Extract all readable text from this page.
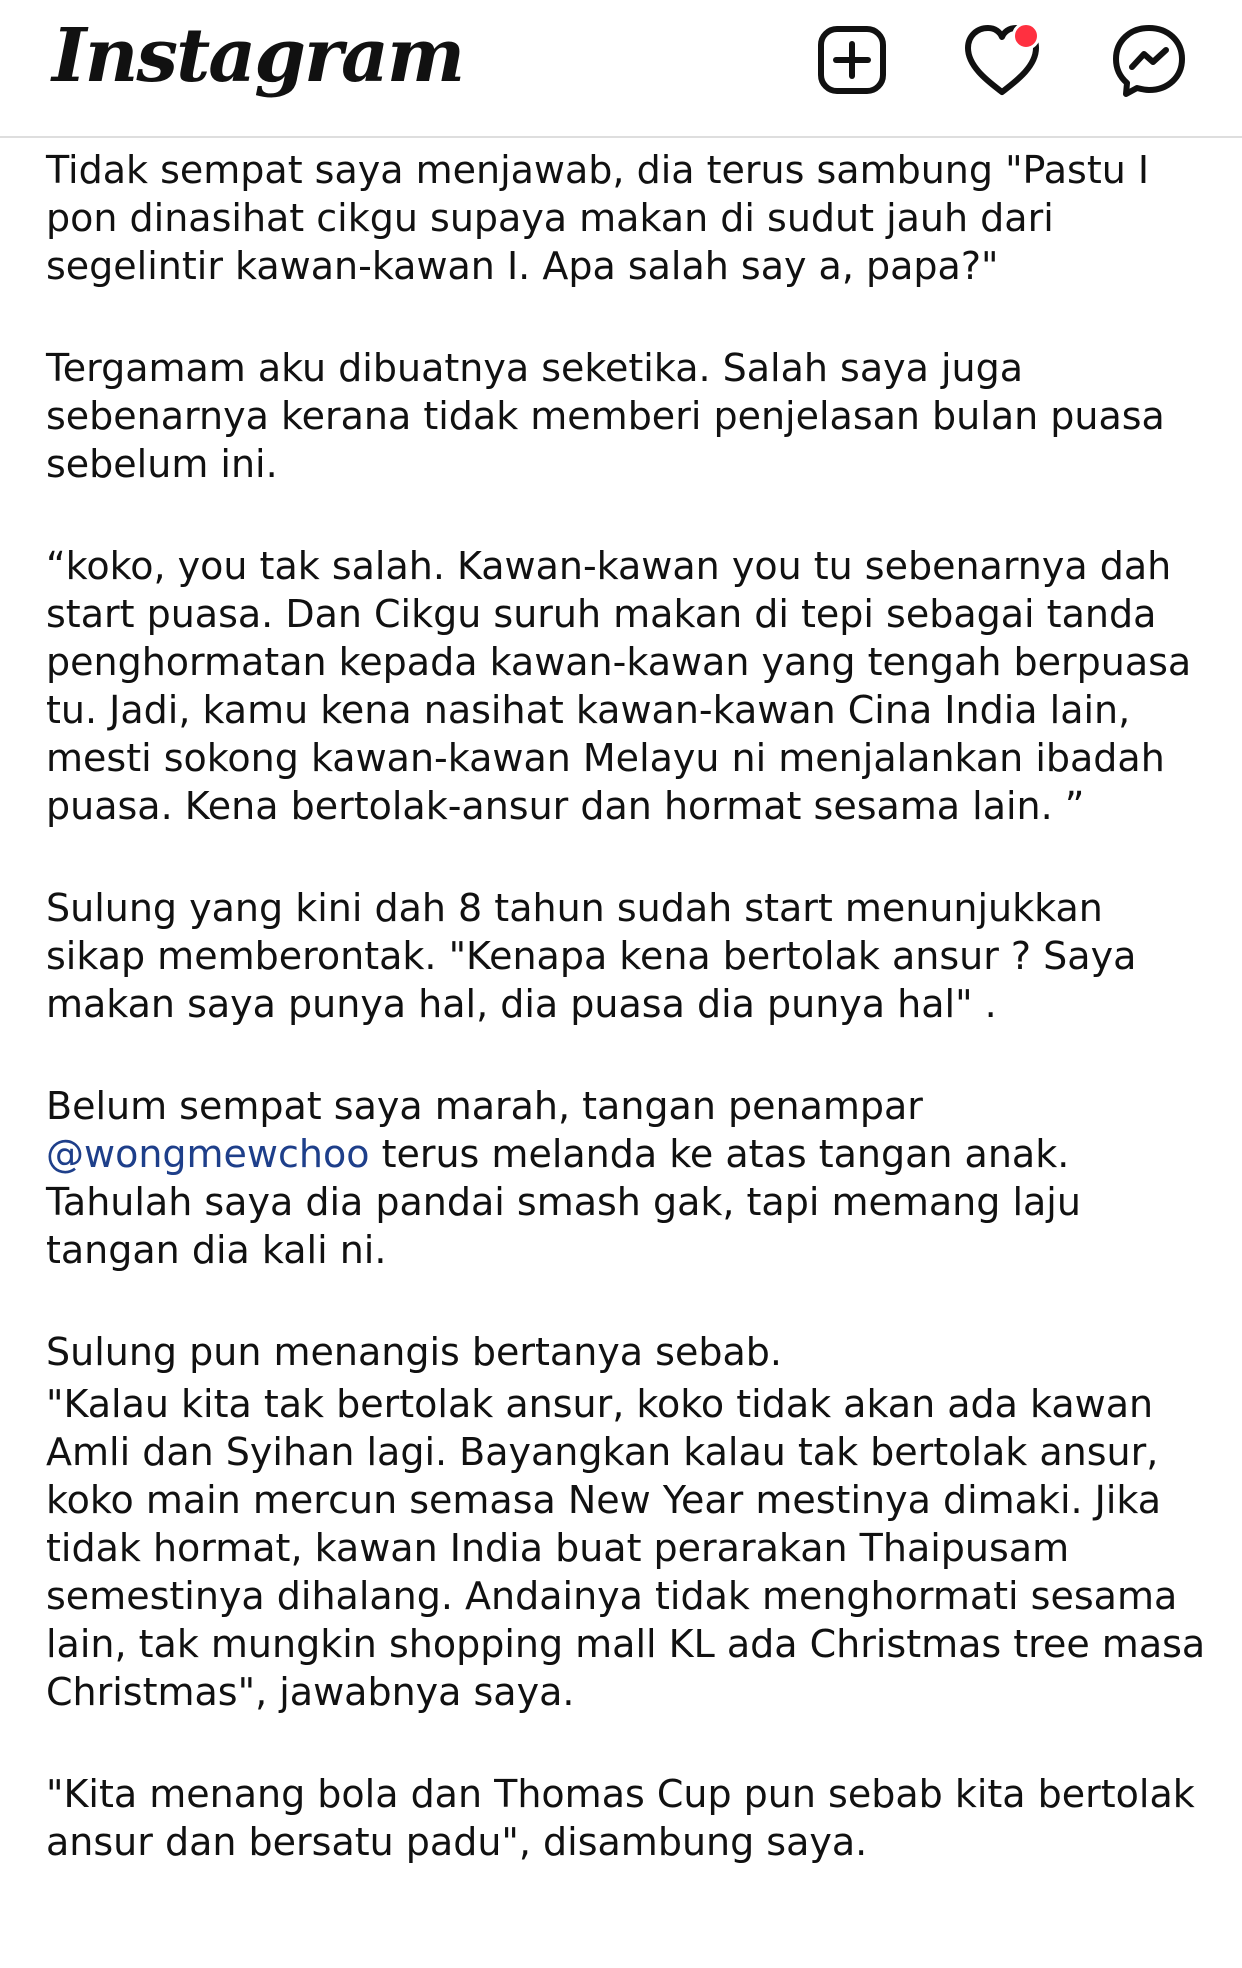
Instagram

Tidak sempat saya menjawab, dia terus sambung "Pastu I pon dinasihat cikgu supaya makan di sudut jauh dari segelintir kawan-kawan I. Apa salah say a, papa?"

Tergamam aku dibuatnya seketika. Salah saya juga sebenarnya kerana tidak memberi penjelasan bulan puasa sebelum ini.

“koko, you tak salah. Kawan-kawan you tu sebenarnya dah start puasa. Dan Cikgu suruh makan di tepi sebagai tanda penghormatan kepada kawan-kawan yang tengah berpuasa tu. Jadi, kamu kena nasihat kawan-kawan Cina India lain, mesti sokong kawan-kawan Melayu ni menjalankan ibadah puasa. Kena bertolak-ansur dan hormat sesama lain. ”

Sulung yang kini dah 8 tahun sudah start menunjukkan sikap memberontak. "Kenapa kena bertolak ansur ? Saya makan saya punya hal, dia puasa dia punya hal" .

Belum sempat saya marah, tangan penampar @wongmewchoo terus melanda ke atas tangan anak. Tahulah saya dia pandai smash gak, tapi memang laju tangan dia kali ni.

Sulung pun menangis bertanya sebab.

"Kalau kita tak bertolak ansur, koko tidak akan ada kawan Amli dan Syihan lagi. Bayangkan kalau tak bertolak ansur, koko main mercun semasa New Year mestinya dimaki. Jika tidak hormat, kawan India buat perarakan Thaipusam semestinya dihalang. Andainya tidak menghormati sesama lain, tak mungkin shopping mall KL ada Christmas tree masa Christmas", jawabnya saya.

"Kita menang bola dan Thomas Cup pun sebab kita bertolak ansur dan bersatu padu", disambung saya.
